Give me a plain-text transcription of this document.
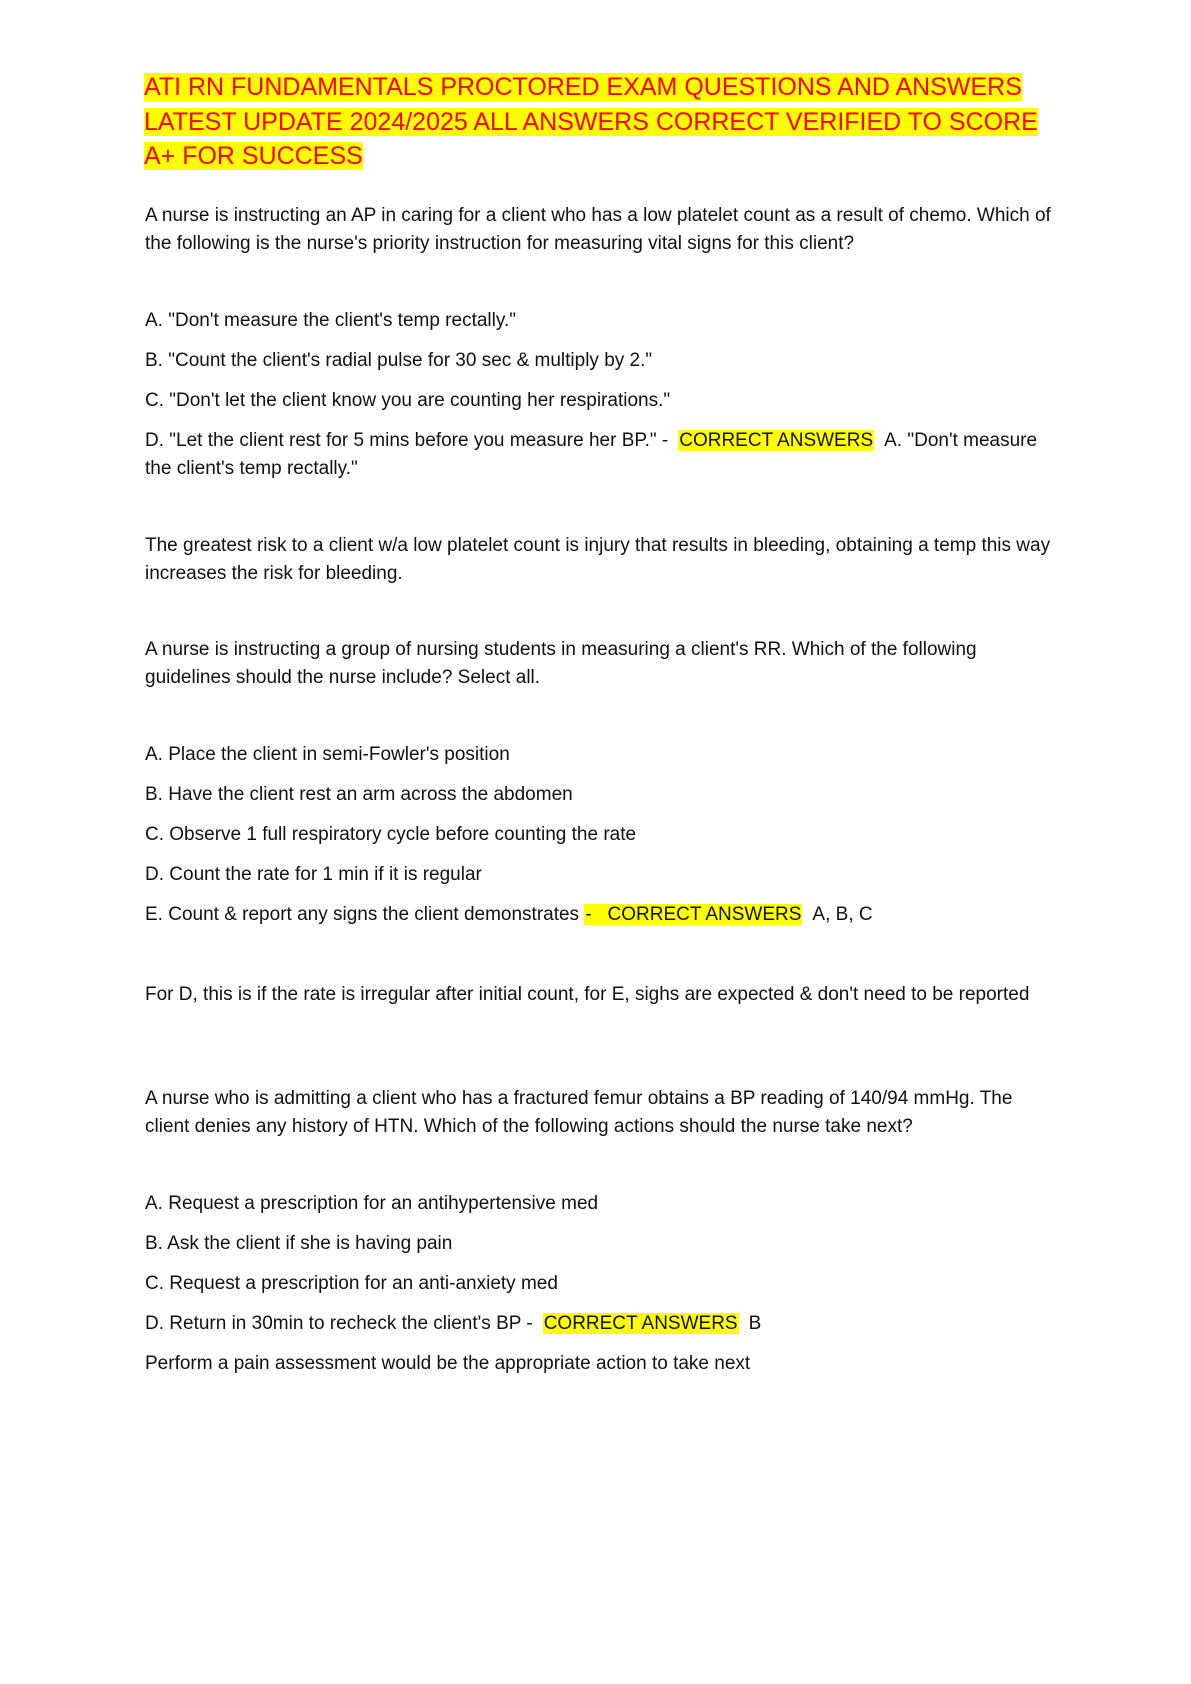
ATI RN FUNDAMENTALS PROCTORED EXAM QUESTIONS AND ANSWERS LATEST UPDATE 2024/2025 ALL ANSWERS CORRECT VERIFIED TO SCORE A+ FOR SUCCESS

A nurse is instructing an AP in caring for a client who has a low platelet count as a result of chemo. Which of the following is the nurse's priority instruction for measuring vital signs for this client?

A. "Don't measure the client's temp rectally."

B. "Count the client's radial pulse for 30 sec & multiply by 2."

C. "Don't let the client know you are counting her respirations."

D. "Let the client rest for 5 mins before you measure her BP." - CORRECT ANSWERS A. "Don't measure the client's temp rectally."

The greatest risk to a client w/a low platelet count is injury that results in bleeding, obtaining a temp this way increases the risk for bleeding.

A nurse is instructing a group of nursing students in measuring a client's RR. Which of the following guidelines should the nurse include? Select all.

A. Place the client in semi-Fowler's position

B. Have the client rest an arm across the abdomen

C. Observe 1 full respiratory cycle before counting the rate

D. Count the rate for 1 min if it is regular

E. Count & report any signs the client demonstrates - CORRECT ANSWERS A, B, C

For D, this is if the rate is irregular after initial count, for E, sighs are expected & don't need to be reported

A nurse who is admitting a client who has a fractured femur obtains a BP reading of 140/94 mmHg. The client denies any history of HTN. Which of the following actions should the nurse take next?

A. Request a prescription for an antihypertensive med

B. Ask the client if she is having pain

C. Request a prescription for an anti-anxiety med

D. Return in 30min to recheck the client's BP - CORRECT ANSWERS B

Perform a pain assessment would be the appropriate action to take next
